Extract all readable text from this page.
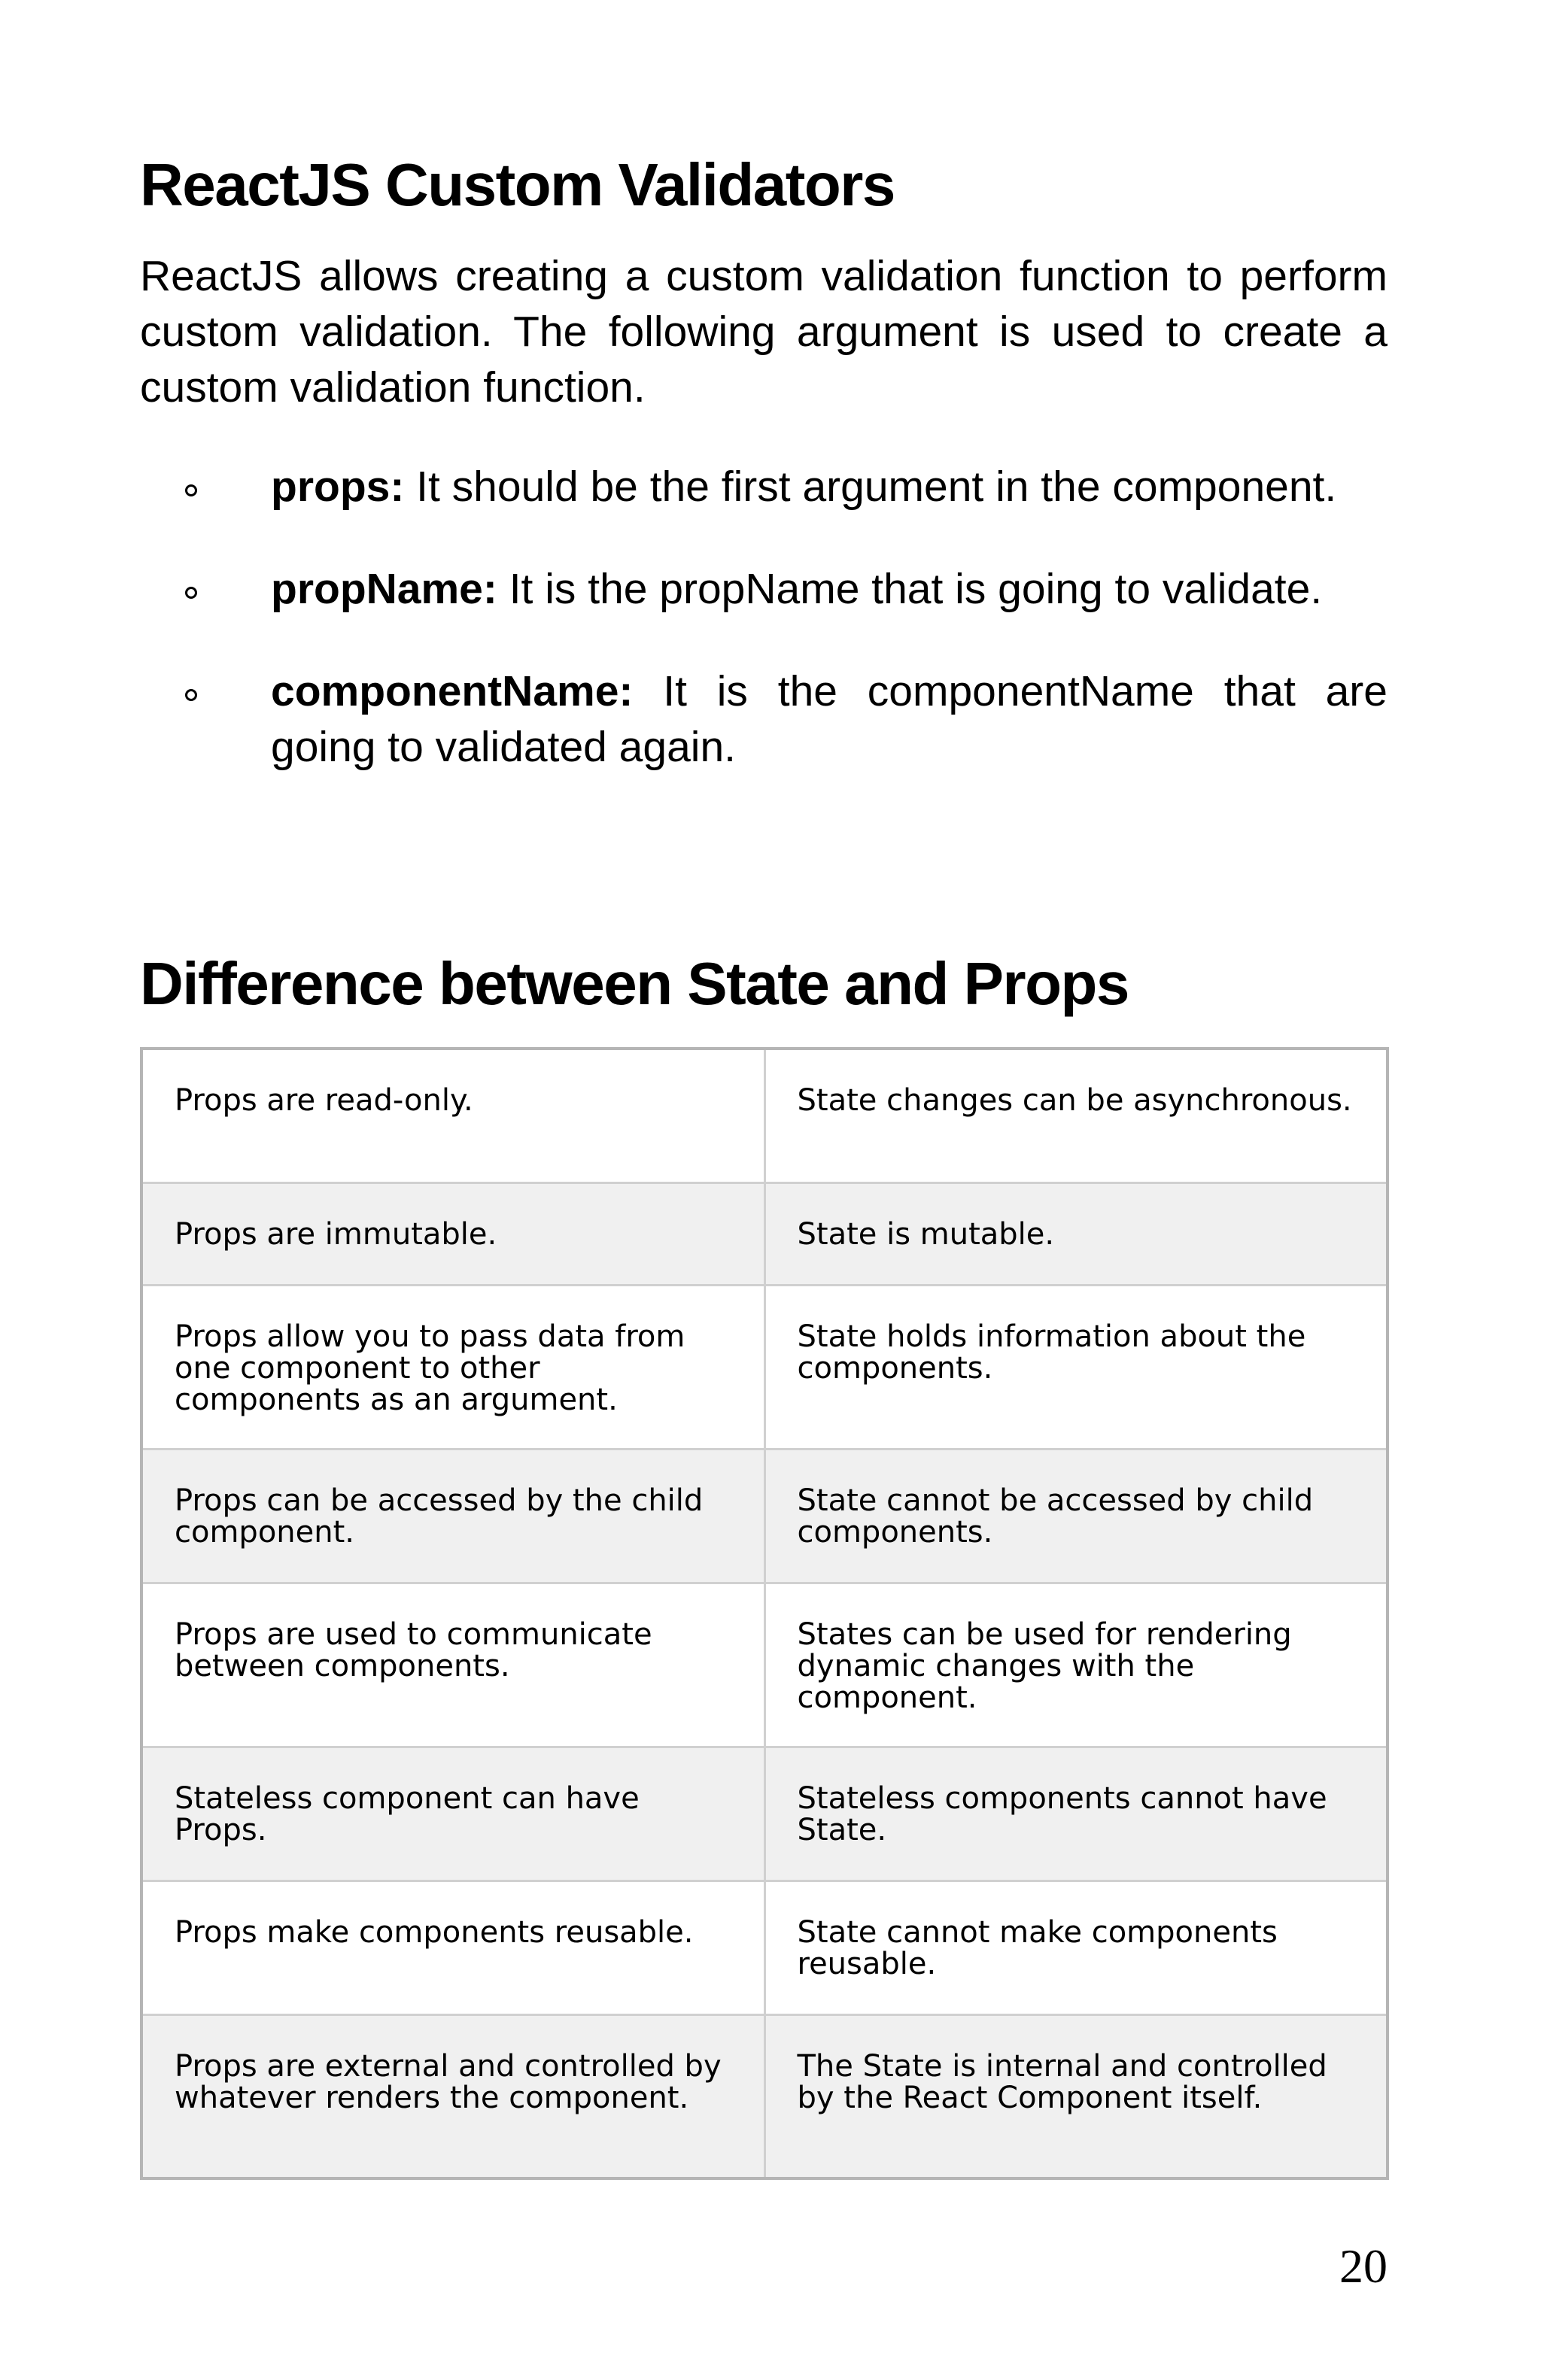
ReactJS Custom Validators

ReactJS allows creating a custom validation function to perform custom validation. The following argument is used to create a custom validation function.

props: It should be the first argument in the component.

propName: It is the propName that is going to validate.

componentName: It is the componentName that are going to validated again.

Difference between State and Props
Props are read-only.	State changes can be asynchronous.
Props are immutable.	State is mutable.
Props allow you to pass data from one component to other components as an argument.	State holds information about the components.
Props can be accessed by the child component.	State cannot be accessed by child components.
Props are used to communicate between components.	States can be used for rendering dynamic changes with the component.
Stateless component can have Props.	Stateless components cannot have State.
Props make components reusable.	State cannot make components reusable.
Props are external and controlled by whatever renders the component.	The State is internal and controlled by the React Component itself.
20
